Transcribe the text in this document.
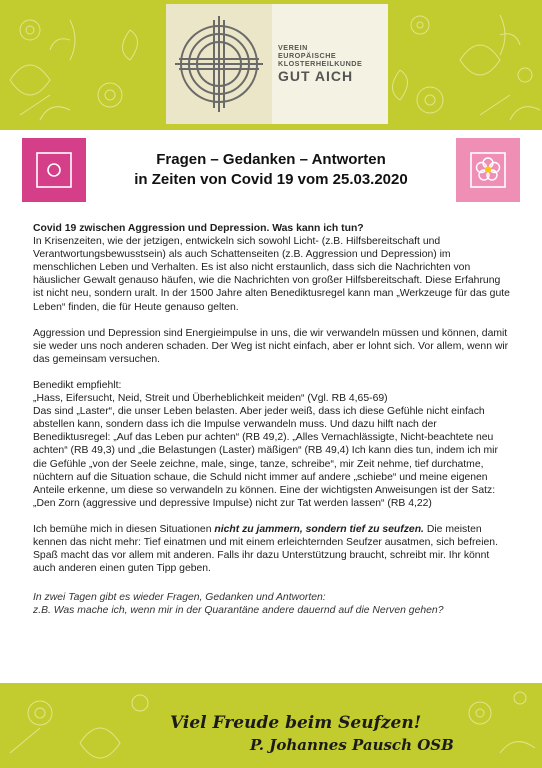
VEREIN
EUROPÄISCHE
KLOSTERHEILKUNDE
GUT AICH
Fragen – Gedanken – Antworten
in Zeiten von Covid 19 vom 25.03.2020

Covid 19 zwischen Aggression und Depression. Was kann ich tun?
In Krisenzeiten, wie der jetzigen, entwickeln sich sowohl Licht- (z.B. Hilfsbereitschaft und Verantwortungsbewusstsein) als auch Schattenseiten (z.B. Aggression und Depression) im menschlichen Leben und Verhalten. Es ist also nicht erstaunlich, dass sich die Nachrichten von häuslicher Gewalt genauso häufen, wie die Nachrichten von großer Hilfsbereitschaft. Diese Erfahrung ist nicht neu, sondern uralt. In der 1500 Jahre alten Benediktusregel kann man „Werkzeuge für das gute Leben“ finden, die für Heute genauso gelten.

Aggression und Depression sind Energieimpulse in uns, die wir verwandeln müssen und können, damit sie weder uns noch anderen schaden. Der Weg ist nicht einfach, aber er lohnt sich. Vor allem, wenn wir das gemeinsam versuchen.

Benedikt empfiehlt:
„Hass, Eifersucht, Neid, Streit und Überheblichkeit meiden“ (Vgl. RB 4,65-69)
Das sind „Laster“, die unser Leben belasten. Aber jeder weiß, dass ich diese Gefühle nicht einfach abstellen kann, sondern dass ich die Impulse verwandeln muss. Und dazu hilft nach der Benediktusregel: „Auf das Leben pur achten“ (RB 49,2). „Alles Vernachlässigte, Nicht-beachtete neu achten“ (RB 49,3) und „die Belastungen (Laster) mäßigen“ (RB 49,4) Ich kann dies tun, indem ich mir die Gefühle „von der Seele zeichne, male, singe, tanze, schreibe“, mir Zeit nehme, tief durchatme, nüchtern auf die Situation schaue, die Schuld nicht immer auf andere „schiebe“ und meine eigenen Anteile erkenne, um diese so verwandeln zu können. Eine der wichtigsten Anweisungen ist der Satz: „Den Zorn (aggressive und depressive Impulse) nicht zur Tat werden lassen“ (RB 4,22)

Ich bemühe mich in diesen Situationen nicht zu jammern, sondern tief zu seufzen. Die meisten kennen das nicht mehr: Tief einatmen und mit einem erleichternden Seufzer ausatmen, sich befreien. Spaß macht das vor allem mit anderen. Falls ihr dazu Unterstützung braucht, schreibt mir. Ihr könnt auch anderen einen guten Tipp geben.

In zwei Tagen gibt es wieder Fragen, Gedanken und Antworten:
z.B. Was mache ich, wenn mir in der Quarantäne andere dauernd auf die Nerven gehen?

Viel Freude beim Seufzen!
P. Johannes Pausch OSB
